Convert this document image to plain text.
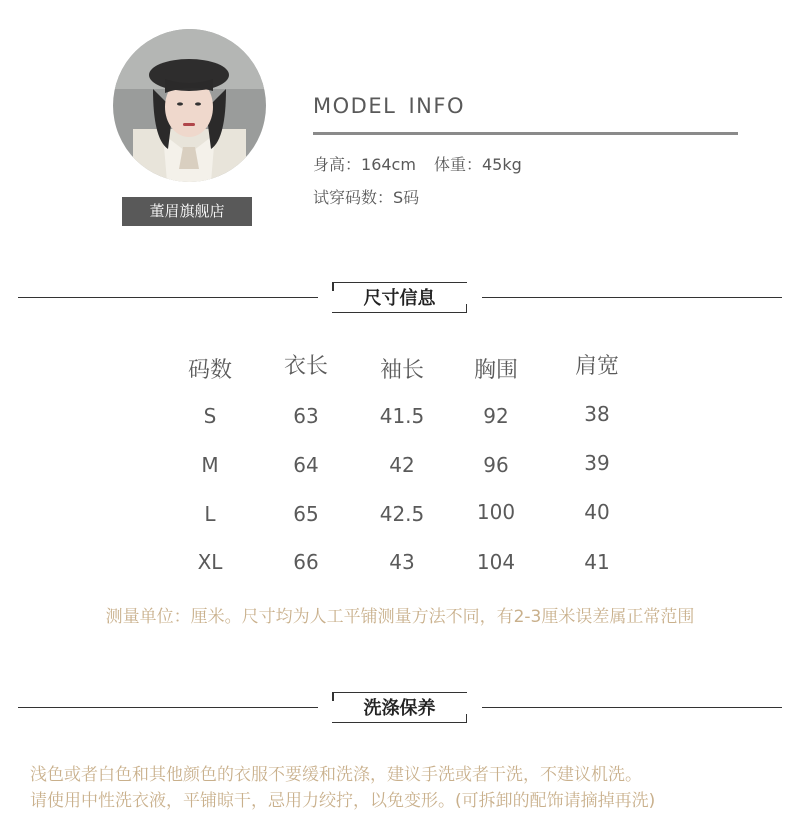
董眉旗舰店
MODEL INFO
身高：164cm 体重：45kg
试穿码数：S码
尺寸信息
码数	衣长	袖长	胸围	肩宽
S	63	41.5	92	38
M	64	42	96	39
L	65	42.5	100	40
XL	66	43	104	41
测量单位：厘米。尺寸均为人工平铺测量方法不同，有2-3厘米误差属正常范围
洗涤保养
浅色或者白色和其他颜色的衣服不要缓和洗涤，建议手洗或者干洗，不建议机洗。
请使用中性洗衣液，平铺晾干，忌用力绞拧，以免变形。(可拆卸的配饰请摘掉再洗)
